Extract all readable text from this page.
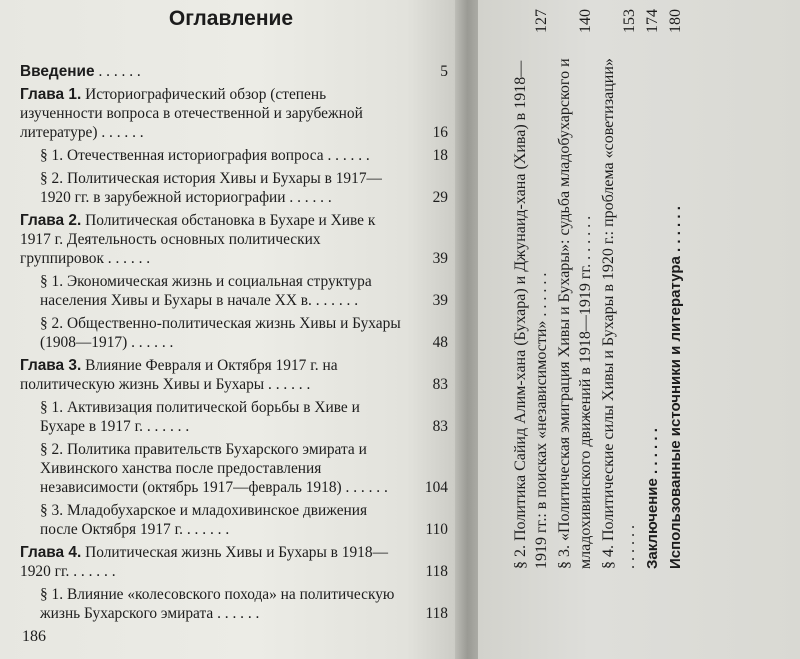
Оглавление
Введение . . . . . .	5
Глава 1. Историографический обзор (степень изученности вопроса в отечественной и зарубежной литературе) . . . . . .	16
§ 1. Отечественная историография вопроса . . . . . .	18
§ 2. Политическая история Хивы и Бухары в 1917—1920 гг. в зарубежной историографии . . . . . .	29
Глава 2. Политическая обстановка в Бухаре и Хиве к 1917 г. Деятельность основных политических группировок . . . . . .	39
§ 1. Экономическая жизнь и социальная структура населения Хивы и Бухары в начале XX в. . . . . . .	39
§ 2. Общественно-политическая жизнь Хивы и Бухары (1908—1917) . . . . . .	48
Глава 3. Влияние Февраля и Октября 1917 г. на политическую жизнь Хивы и Бухары . . . . . .	83
§ 1. Активизация политической борьбы в Хиве и Бухаре в 1917 г. . . . . . .	83
§ 2. Политика правительств Бухарского эмирата и Хивинского ханства после предоставления независимости (октябрь 1917—февраль 1918) . . . . . .	104
§ 3. Младобухарское и младохивинское движения после Октября 1917 г. . . . . . .	110
Глава 4. Политическая жизнь Хивы и Бухары в 1918—1920 гг. . . . . . .	118
§ 1. Влияние «колесовского похода» на политическую жизнь Бухарского эмирата . . . . . .	118
186
§ 2. Политика Сайид Алим-хана (Бухара) и Джунаид-хана (Хива) в 1918—1919 гг.: в поисках «независимости» . . . . . .
127
§ 3. «Политическая эмиграция Хивы и Бухары»: судьба младобухарского и младохивинского движений в 1918—1919 гг. . . . . . .
140
§ 4. Политические силы Хивы и Бухары в 1920 г.: проблема «советизации» . . . . . .
153
Заключение . . . . . .
174
Использованные источники и литература . . . . . .
180
